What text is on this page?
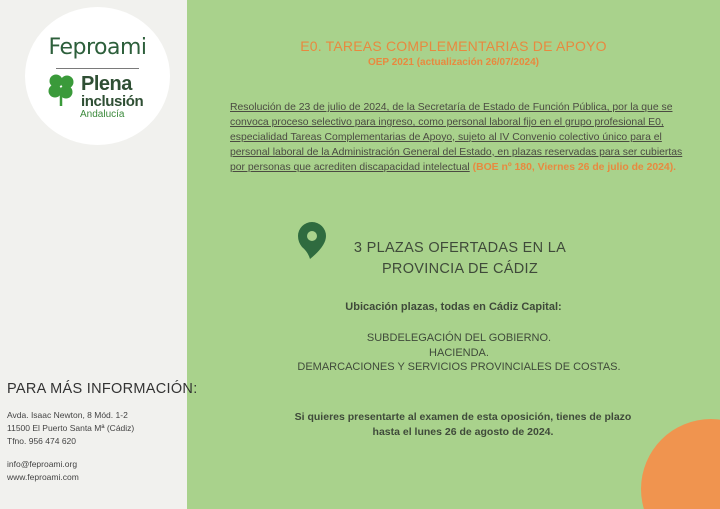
Feproami
Plena
inclusión
Andalucía
PARA MÁS INFORMACIÓN:
Avda. Isaac Newton, 8 Mód. 1-2
11500 El Puerto Santa Mª (Cádiz)
Tfno. 956 474 620
info@feproami.org
www.feproami.com
E0. TAREAS COMPLEMENTARIAS DE APOYO
OEP 2021 (actualización 26/07/2024)
Resolución de 23 de julio de 2024, de la Secretaría de Estado de Función Pública, por la que se convoca proceso selectivo para ingreso, como personal laboral fijo en el grupo profesional E0, especialidad Tareas Complementarias de Apoyo, sujeto al IV Convenio colectivo único para el personal laboral de la Administración General del Estado, en plazas reservadas para ser cubiertas por personas que acrediten discapacidad intelectual (BOE nº 180, Viernes 26 de julio de 2024).
3 PLAZAS OFERTADAS EN LA
PROVINCIA DE CÁDIZ
Ubicación plazas, todas en Cádiz Capital:
SUBDELEGACIÓN DEL GOBIERNO.
HACIENDA.
DEMARCACIONES Y SERVICIOS PROVINCIALES DE COSTAS.
Si quieres presentarte al examen de esta oposición, tienes de plazo
hasta el lunes 26 de agosto de 2024.
